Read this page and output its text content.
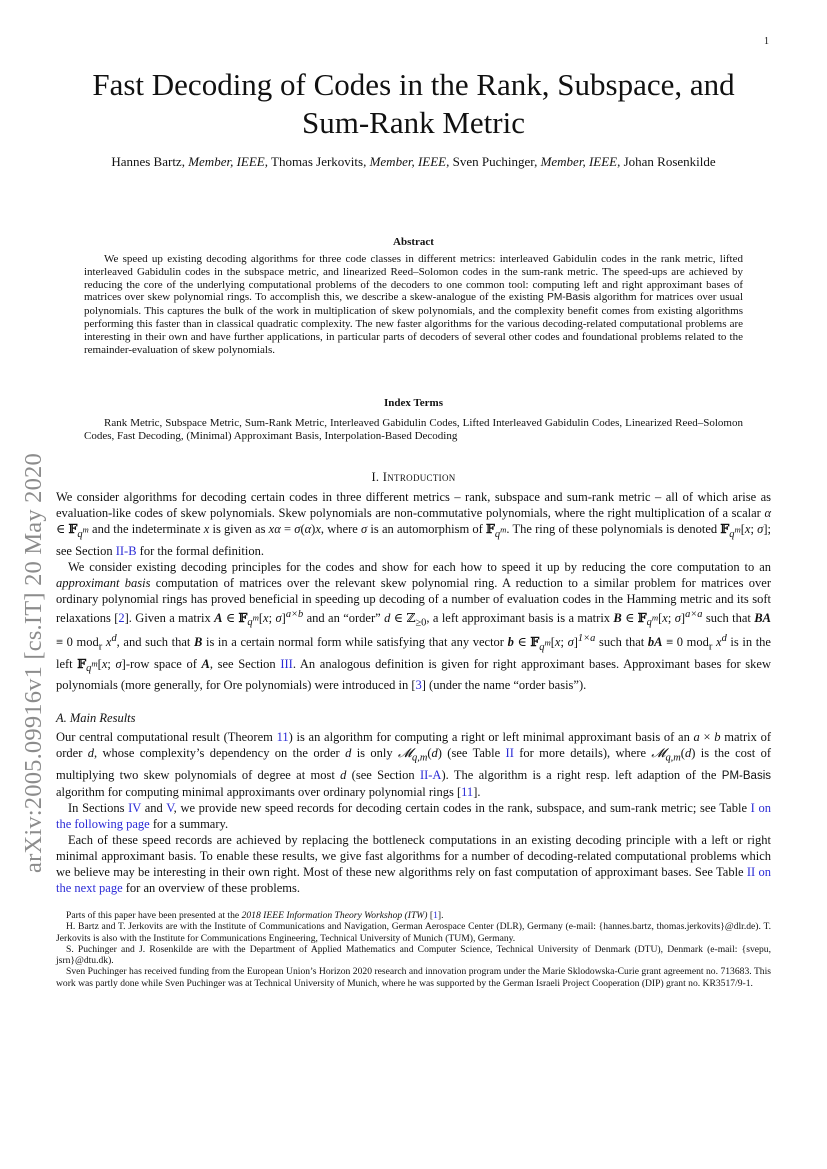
1
arXiv:2005.09916v1 [cs.IT] 20 May 2020
Fast Decoding of Codes in the Rank, Subspace, and Sum-Rank Metric
Hannes Bartz, Member, IEEE, Thomas Jerkovits, Member, IEEE, Sven Puchinger, Member, IEEE, Johan Rosenkilde
Abstract
We speed up existing decoding algorithms for three code classes in different metrics: interleaved Gabidulin codes in the rank metric, lifted interleaved Gabidulin codes in the subspace metric, and linearized Reed–Solomon codes in the sum-rank metric. The speed-ups are achieved by reducing the core of the underlying computational problems of the decoders to one common tool: computing left and right approximant bases of matrices over skew polynomial rings. To accomplish this, we describe a skew-analogue of the existing PM-Basis algorithm for matrices over usual polynomials. This captures the bulk of the work in multiplication of skew polynomials, and the complexity benefit comes from existing algorithms performing this faster than in classical quadratic complexity. The new faster algorithms for the various decoding-related computational problems are interesting in their own and have further applications, in particular parts of decoders of several other codes and foundational problems related to the remainder-evaluation of skew polynomials.
Index Terms
Rank Metric, Subspace Metric, Sum-Rank Metric, Interleaved Gabidulin Codes, Lifted Interleaved Gabidulin Codes, Linearized Reed–Solomon Codes, Fast Decoding, (Minimal) Approximant Basis, Interpolation-Based Decoding
I. Introduction

We consider algorithms for decoding certain codes in three different metrics – rank, subspace and sum-rank metric – all of which arise as evaluation-like codes of skew polynomials. Skew polynomials are non-commutative polynomials, where the right multiplication of a scalar α ∈ 𝔽$_{q^m}$ and the indeterminate x is given as xα = σ(α)x, where σ is an automorphism of 𝔽$_{q^m}$. The ring of these polynomials is denoted 𝔽$_{q^m}$[x; σ]; see Section II-B for the formal definition.

We consider existing decoding principles for the codes and show for each how to speed it up by reducing the core computation to an approximant basis computation of matrices over the relevant skew polynomial ring. A reduction to a similar problem for matrices over ordinary polynomial rings has proved beneficial in speeding up decoding of a number of evaluation codes in the Hamming metric and its soft relaxations [2]. Given a matrix A ∈ 𝔽$_{q^m}$[x; σ]$^{a\times b}$ and an “order” d ∈ ℤ$_{\ge 0}$, a left approximant basis is a matrix B ∈ 𝔽$_{q^m}$[x; σ]$^{a\times a}$ such that BA ≡ 0 mod$_r$ $x^d$, and such that B is in a certain normal form while satisfying that any vector b ∈ 𝔽$_{q^m}$[x; σ]$^{1\times a}$ such that bA ≡ 0 mod$_r$ $x^d$ is in the left 𝔽$_{q^m}$[x; σ]-row space of A, see Section III. An analogous definition is given for right approximant bases. Approximant bases for skew polynomials (more generally, for Ore polynomials) were introduced in [3] (under the name “order basis”).

A. Main Results

Our central computational result (Theorem 11) is an algorithm for computing a right or left minimal approximant basis of an a × b matrix of order d, whose complexity’s dependency on the order d is only 𝓜$_{q,m}$(d) (see Table II for more details), where 𝓜$_{q,m}$(d) is the cost of multiplying two skew polynomials of degree at most d (see Section II-A). The algorithm is a right resp. left adaption of the PM-Basis algorithm for computing minimal approximants over ordinary polynomial rings [11].

In Sections IV and V, we provide new speed records for decoding certain codes in the rank, subspace, and sum-rank metric; see Table I on the following page for a summary.

Each of these speed records are achieved by replacing the bottleneck computations in an existing decoding principle with a left or right minimal approximant basis. To enable these results, we give fast algorithms for a number of decoding-related computational problems which we believe may be interesting in their own right. Most of these new algorithms rely on fast computation of approximant bases. See Table II on the next page for an overview of these problems.

Parts of this paper have been presented at the 2018 IEEE Information Theory Workshop (ITW) [1].

H. Bartz and T. Jerkovits are with the Institute of Communications and Navigation, German Aerospace Center (DLR), Germany (e-mail: {hannes.bartz, thomas.jerkovits}@dlr.de). T. Jerkovits is also with the Institute for Communications Engineering, Technical University of Munich (TUM), Germany.

S. Puchinger and J. Rosenkilde are with the Department of Applied Mathematics and Computer Science, Technical University of Denmark (DTU), Denmark (e-mail: {svepu, jsrn}@dtu.dk).

Sven Puchinger has received funding from the European Union’s Horizon 2020 research and innovation program under the Marie Sklodowska-Curie grant agreement no. 713683. This work was partly done while Sven Puchinger was at Technical University of Munich, where he was supported by the German Israeli Project Cooperation (DIP) grant no. KR3517/9-1.
